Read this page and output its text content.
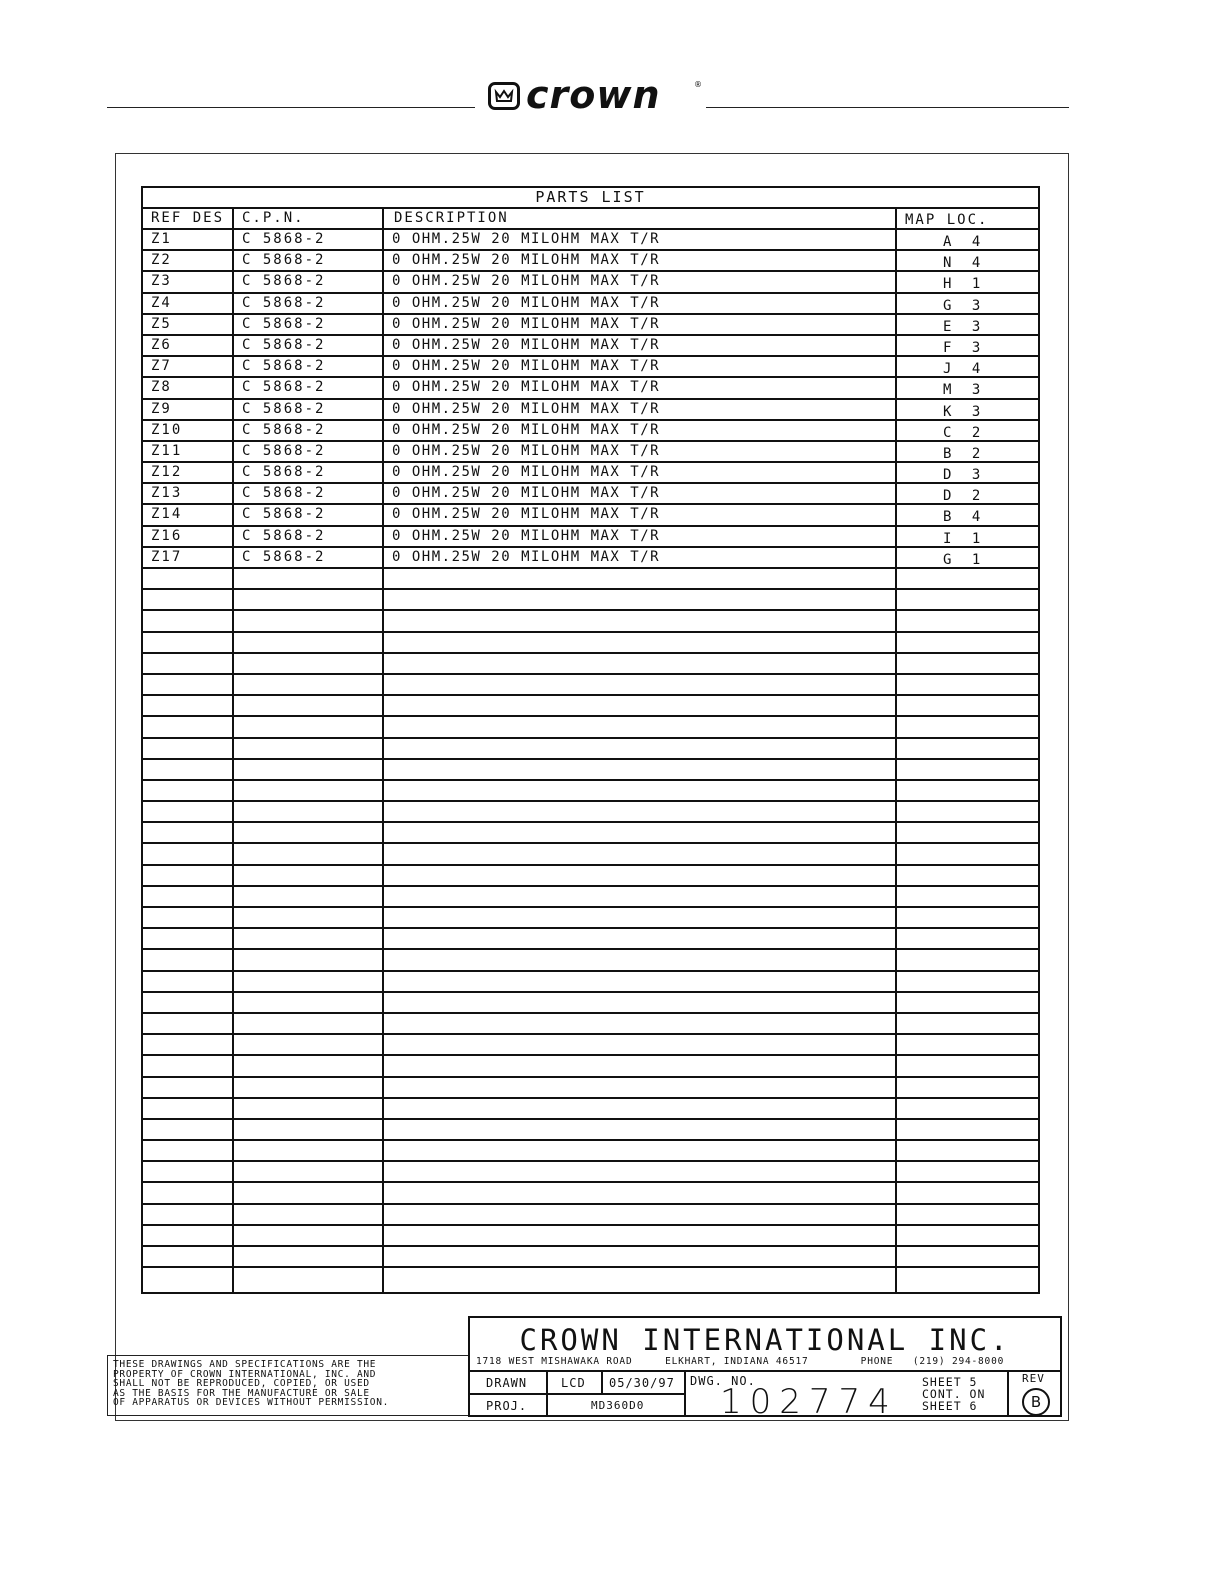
crown	®
PARTS LIST
REF DES C.P.N.	DESCRIPTION	MAP LOC.
Z1	C 5868-2	0 OHM.25W 20 MILOHM MAX T/R	A 4
Z2	C 5868-2	0 OHM.25W 20 MILOHM MAX T/R	N 4
Z3	C 5868-2	0 OHM.25W 20 MILOHM MAX T/R	H 1
Z4	C 5868-2	0 OHM.25W 20 MILOHM MAX T/R	G 3
Z5	C 5868-2	0 OHM.25W 20 MILOHM MAX T/R	E 3
Z6	C 5868-2	0 OHM.25W 20 MILOHM MAX T/R	F 3
Z7	C 5868-2	0 OHM.25W 20 MILOHM MAX T/R	J 4
Z8	C 5868-2	0 OHM.25W 20 MILOHM MAX T/R	M 3
Z9	C 5868-2	0 OHM.25W 20 MILOHM MAX T/R	K 3
Z10	C 5868-2	0 OHM.25W 20 MILOHM MAX T/R	C 2
Z11	C 5868-2	0 OHM.25W 20 MILOHM MAX T/R	B 2
Z12	C 5868-2	0 OHM.25W 20 MILOHM MAX T/R	D 3
Z13	C 5868-2	0 OHM.25W 20 MILOHM MAX T/R	D 2
Z14	C 5868-2	0 OHM.25W 20 MILOHM MAX T/R	B 4
Z16	C 5868-2	0 OHM.25W 20 MILOHM MAX T/R	I 1
Z17	C 5868-2	0 OHM.25W 20 MILOHM MAX T/R	G 1
THESE DRAWINGS AND SPECIFICATIONS ARE THE
PROPERTY OF CROWN INTERNATIONAL, INC. AND
SHALL NOT BE REPRODUCED, COPIED, OR USED
AS THE BASIS FOR THE MANUFACTURE OR SALE
OF APPARATUS OR DEVICES WITHOUT PERMISSION.
CROWN INTERNATIONAL INC.
1718 WEST MISHAWAKA ROAD	ELKHART, INDIANA 46517	PHONE (219) 294-8000
DRAWN	LCD 05/30/97
PROJ.	MD360D0
DWG. NO.
102774 SHEET 5
CONT. ON
SHEET 6
REV
B
